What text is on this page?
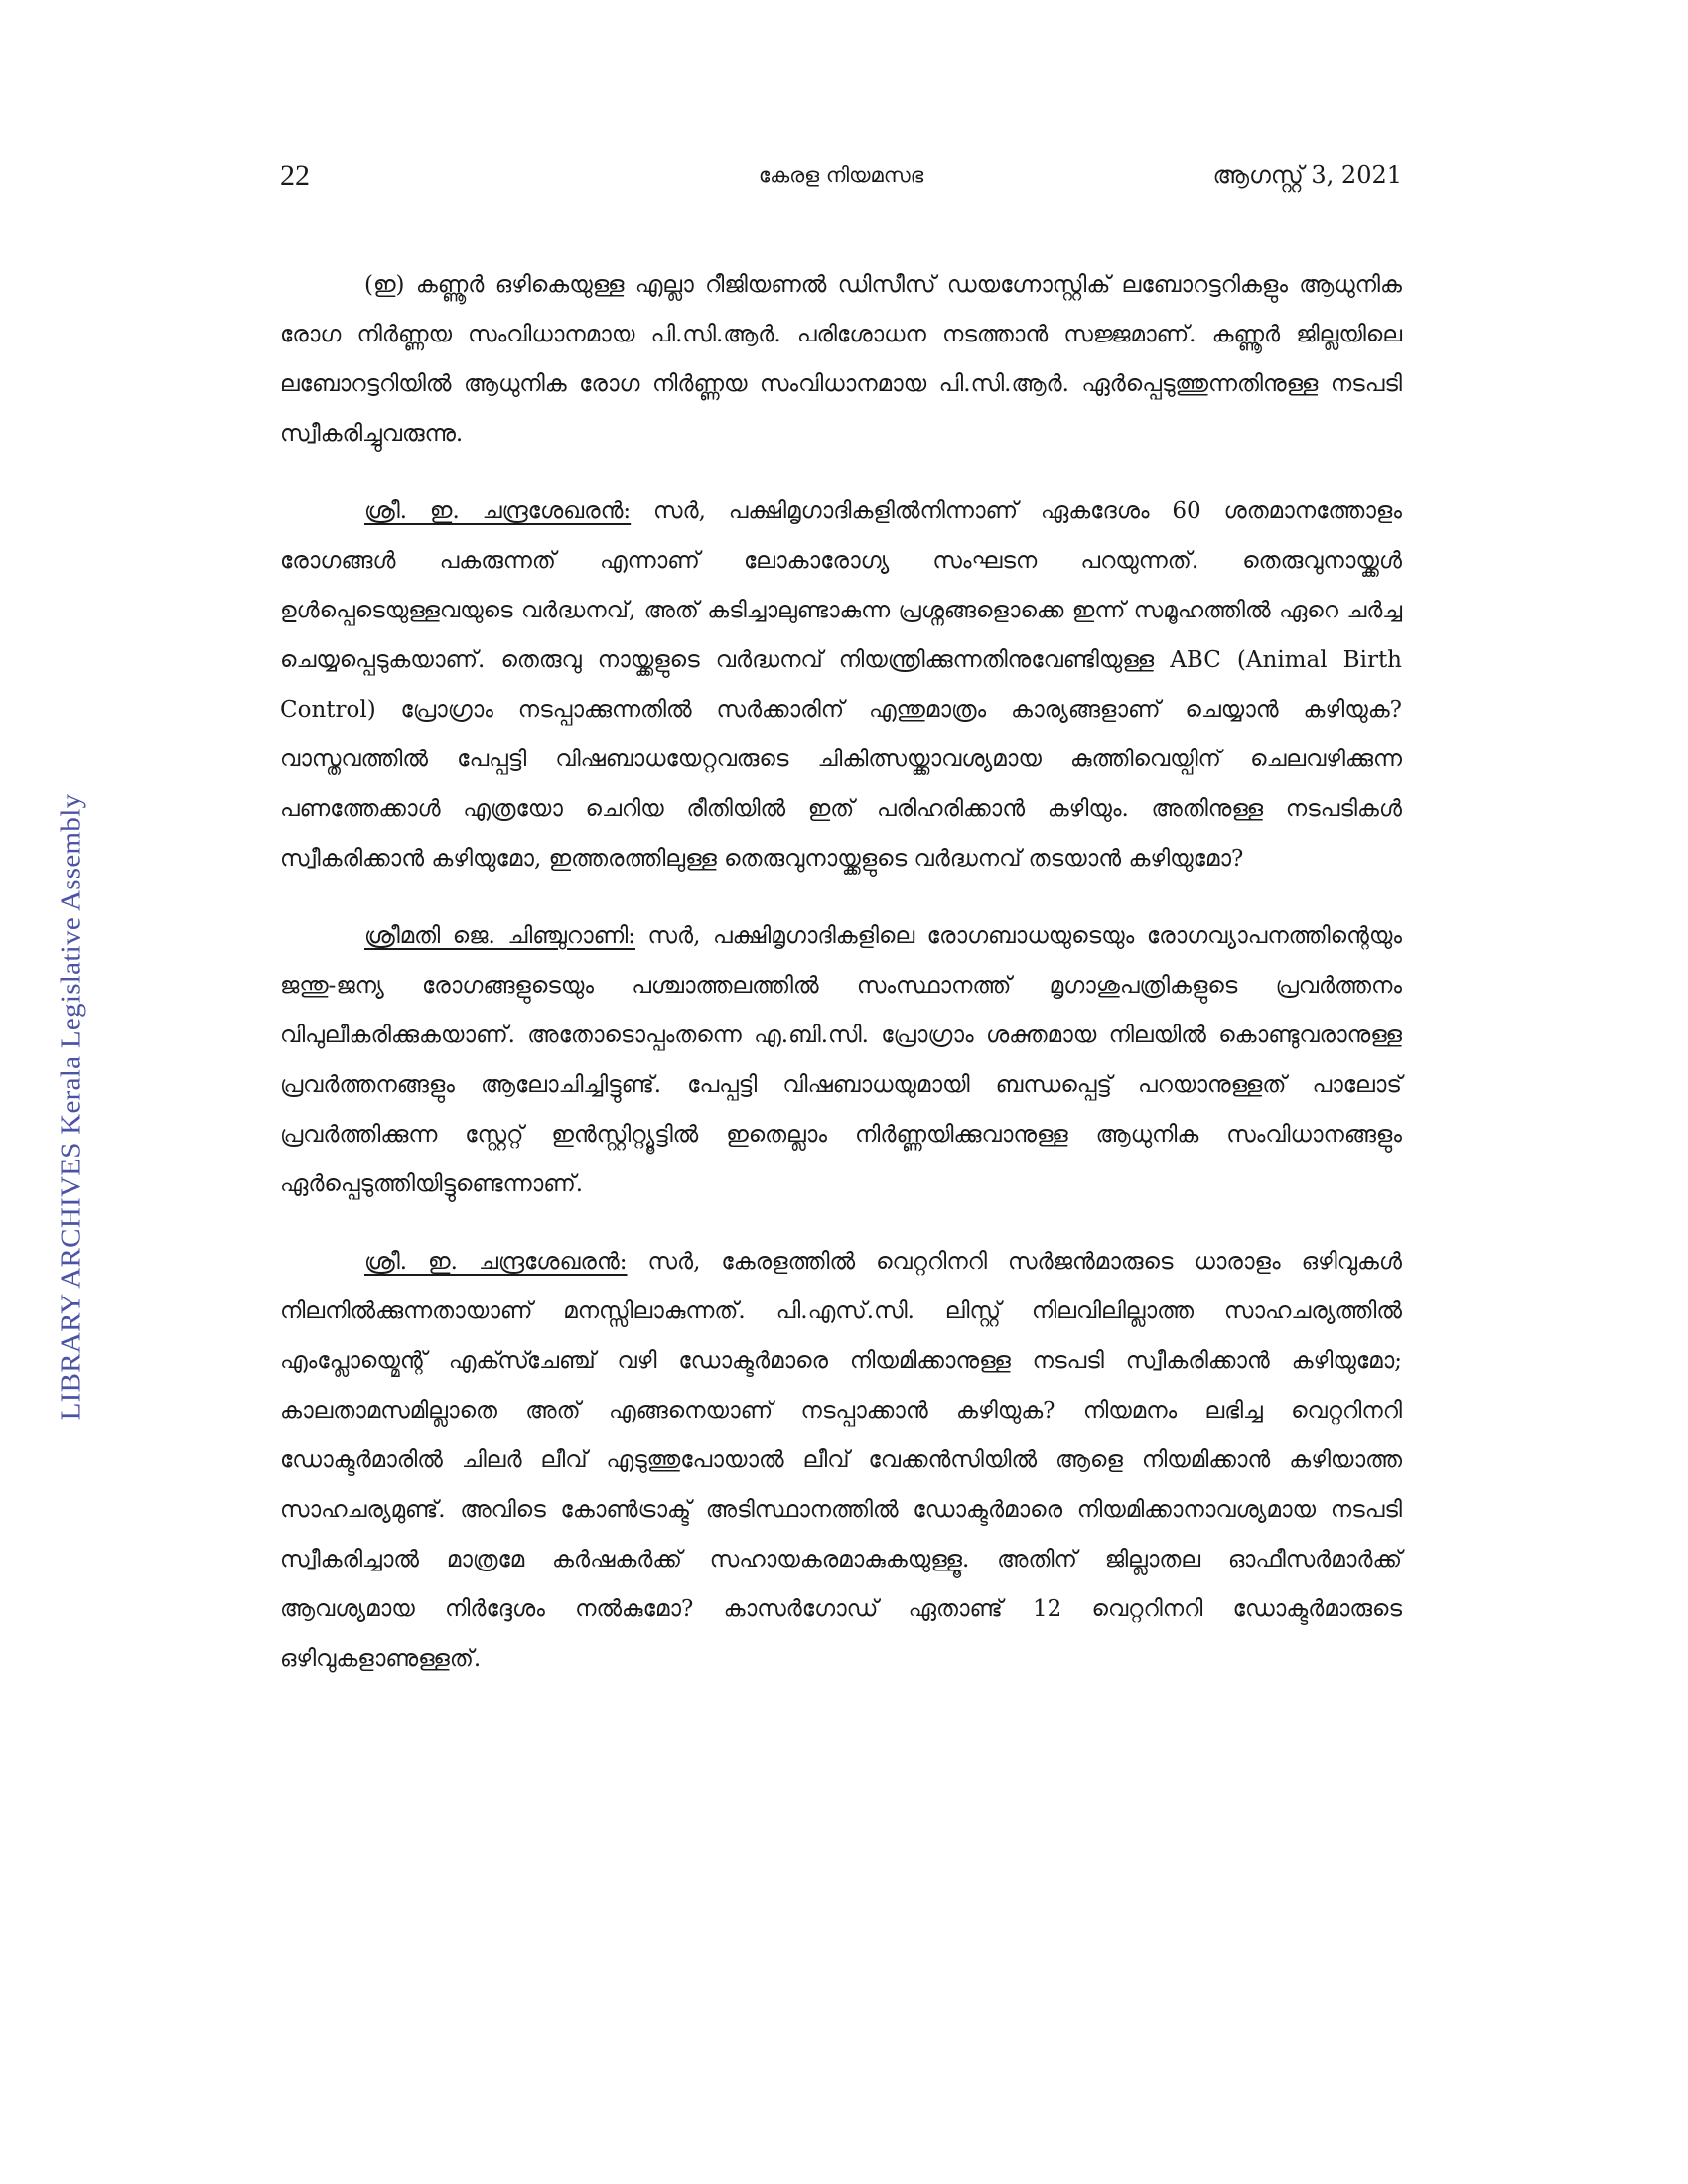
22	കേരള നിയമസഭ	ആഗസ്റ്റ് 3, 2021
LIBRARY ARCHIVES Kerala Legislative Assembly

(ഇ) കണ്ണൂർ ഒഴികെയുള്ള എല്ലാ റീജിയണൽ ഡിസീസ് ഡയഗ്നോസ്റ്റിക് ലബോറട്ടറികളും ആധുനിക രോഗ നിർണ്ണയ സംവിധാനമായ പി.സി.ആർ. പരിശോധന നടത്താൻ സജ്ജമാണ്. കണ്ണൂർ ജില്ലയിലെ ലബോറട്ടറിയിൽ ആധുനിക രോഗ നിർണ്ണയ സംവിധാനമായ പി.സി.ആർ. ഏർപ്പെടുത്തുന്നതിനുള്ള നടപടി സ്വീകരിച്ചുവരുന്നു.

ശ്രീ. ഇ. ചന്ദ്രശേഖരൻ: സർ, പക്ഷിമൃഗാദികളിൽനിന്നാണ് ഏകദേശം 60 ശതമാനത്തോളം രോഗങ്ങൾ പകരുന്നത് എന്നാണ് ലോകാരോഗ്യ സംഘടന പറയുന്നത്. തെരുവുനായ്ക്കൾ ഉൾപ്പെടെയുള്ളവയുടെ വർദ്ധനവ്, അത് കടിച്ചാലുണ്ടാകുന്ന പ്രശ്നങ്ങളൊക്കെ ഇന്ന് സമൂഹത്തിൽ ഏറെ ചർച്ച ചെയ്യപ്പെടുകയാണ്. തെരുവു നായ്ക്കളുടെ വർദ്ധനവ് നിയന്ത്രിക്കുന്നതിനുവേണ്ടിയുള്ള ABC (Animal Birth Control) പ്രോഗ്രാം നടപ്പാക്കുന്നതിൽ സർക്കാരിന് എന്തുമാത്രം കാര്യങ്ങളാണ് ചെയ്യാൻ കഴിയുക? വാസ്തവത്തിൽ പേപ്പട്ടി വിഷബാധയേറ്റവരുടെ ചികിത്സയ്ക്കാവശ്യമായ കുത്തിവെയ്പിന് ചെലവഴിക്കുന്ന പണത്തേക്കാൾ എത്രയോ ചെറിയ രീതിയിൽ ഇത് പരിഹരിക്കാൻ കഴിയും. അതിനുള്ള നടപടികൾ സ്വീകരിക്കാൻ കഴിയുമോ, ഇത്തരത്തിലുള്ള തെരുവുനായ്ക്കളുടെ വർദ്ധനവ് തടയാൻ കഴിയുമോ?

ശ്രീമതി ജെ. ചിഞ്ചുറാണി: സർ, പക്ഷിമൃഗാദികളിലെ രോഗബാധയുടെയും രോഗവ്യാപനത്തിന്റെയും ജന്തു-ജന്യ രോഗങ്ങളുടെയും പശ്ചാത്തലത്തിൽ സംസ്ഥാനത്ത് മൃഗാശുപത്രികളുടെ പ്രവർത്തനം വിപുലീകരിക്കുകയാണ്. അതോടൊപ്പംതന്നെ എ.ബി.സി. പ്രോഗ്രാം ശക്തമായ നിലയിൽ കൊണ്ടുവരാനുള്ള പ്രവർത്തനങ്ങളും ആലോചിച്ചിട്ടുണ്ട്. പേപ്പട്ടി വിഷബാധയുമായി ബന്ധപ്പെട്ട് പറയാനുള്ളത് പാലോട് പ്രവർത്തിക്കുന്ന സ്റ്റേറ്റ് ഇൻസ്റ്റിറ്റ്യൂട്ടിൽ ഇതെല്ലാം നിർണ്ണയിക്കുവാനുള്ള ആധുനിക സംവിധാനങ്ങളും ഏർപ്പെടുത്തിയിട്ടുണ്ടെന്നാണ്.

ശ്രീ. ഇ. ചന്ദ്രശേഖരൻ: സർ, കേരളത്തിൽ വെറ്ററിനറി സർജൻമാരുടെ ധാരാളം ഒഴിവുകൾ നിലനിൽക്കുന്നതായാണ് മനസ്സിലാകുന്നത്. പി.എസ്.സി. ലിസ്റ്റ് നിലവിലില്ലാത്ത സാഹചര്യത്തിൽ എംപ്ലോയ്മെന്റ് എക്സ്ചേഞ്ച് വഴി ഡോക്ടർമാരെ നിയമിക്കാനുള്ള നടപടി സ്വീകരിക്കാൻ കഴിയുമോ; കാലതാമസമില്ലാതെ അത് എങ്ങനെയാണ് നടപ്പാക്കാൻ കഴിയുക? നിയമനം ലഭിച്ച വെറ്ററിനറി ഡോക്ടർമാരിൽ ചിലർ ലീവ് എടുത്തുപോയാൽ ലീവ് വേക്കൻസിയിൽ ആളെ നിയമിക്കാൻ കഴിയാത്ത സാഹചര്യമുണ്ട്. അവിടെ കോൺട്രാക്ട് അടിസ്ഥാനത്തിൽ ഡോക്ടർമാരെ നിയമിക്കാനാവശ്യമായ നടപടി സ്വീകരിച്ചാൽ മാത്രമേ കർഷകർക്ക് സഹായകരമാകുകയുള്ളൂ. അതിന് ജില്ലാതല ഓഫീസർമാർക്ക് ആവശ്യമായ നിർദ്ദേശം നൽകുമോ? കാസർഗോഡ് ഏതാണ്ട് 12 വെറ്ററിനറി ഡോക്ടർമാരുടെ ഒഴിവുകളാണുള്ളത്.
